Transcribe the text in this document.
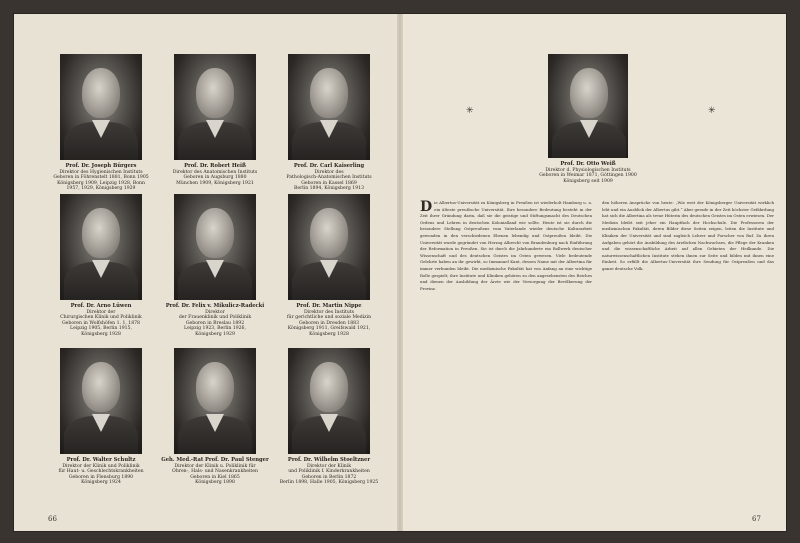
Prof. Dr. Joseph Bürgers
Direktor des Hygienischen Instituts
Geboren in Föhrenstelt 1881, Bonn 1905
Königsberg 1909, Leipzig 1928, Bonn
1957, 1929, Königsberg 1929
Prof. Dr. Robert Heiß
Direktor des Anatomischen Instituts
Geboren in Augsburg 1880
München 1909, Königsberg 1921
Prof. Dr. Carl Kaiserling
Direktor des
Pathologisch-Anatomischen Instituts
Geboren in Kassel 1869
Berlin 1894, Königsberg 1913
Prof. Dr. Arno Lüwen
Direktor der
Chirurgischen Klinik und Poliklinik
Geboren in Wolfshöfen 1. 1, 1878
Leipzig 1905, Berlin 1915,
Königsberg 1928
Prof. Dr. Felix v. Mikulicz-Radecki
Direktor
der Frauenklinik und Poliklinik
Geboren in Breslau 1892
Leipzig 1923, Berlin 1926,
Königsberg 1929
Prof. Dr. Martin Nippe
Direktor des Instituts
für gerichtliche und soziale Medizin
Geboren in Dresden 1883
Königsberg 1911, Greifswald 1921,
Königsberg 1928
Prof. Dr. Walter Schultz
Direktor der Klinik und Poliklinik
für Haut- u. Geschlechtskrankheiten
Geboren in Flensburg 1890
Königsberg 1924
Geh. Med.-Rat Prof. Dr. Paul Stenger
Direktor der Klinik u. Poliklinik für
Ohren-, Hals- und Nasenkrankheiten
Geboren in Kiel 1865
Königsberg 1898
Prof. Dr. Wilhelm Stoeltzner
Direktor der Klinik
und Poliklinik f. Kinderkrankheiten
Geboren in Berlin 1872
Berlin 1898, Halle 1905, Königsberg 1925
66
✳	✳
Prof. Dr. Otto Weiß
Direktor d. Physiologischen Instituts
Geboren in Weimar 1871, Göttingen 1900
Königsberg seit 1909
Die Albertus-Universität zu Königsberg in Preußen ist wiederholt Hamburg u. a. ein älteste preußische Universität. Ihre besondere Bedeutung besteht in der Zeit ihrer Gründung darin, daß sie die geistige und Stiftungsmacht des Deutschen Ordens und Lehren in deutschen Kolonialland wie sollte. Heute ist sie durch die besondere Stellung Ostpreußens vom Vaterlande wieder deutsche Kulturarbeit gewonden in den verschiedenen Ebenen lebendig und Ostpreußen bleibt. Die Universität wurde gegründet von Herzog Albrecht von Brandenburg nach Einführung der Reformation in Preußen. Sie ist durch die Jahrhunderte ein Bollwerk deutscher Wissenschaft und des deutschen Geistes im Osten gewesen. Viele bedeutende Gelehrte haben an ihr gewirkt, so Immanuel Kant, dessen Name mit der Albertina für immer verbunden bleibt. Die medizinische Fakultät hat von Anfang an eine wichtige Rolle gespielt; ihre Institute und Kliniken gehören zu den angesehensten des Reiches und dienen der Ausbildung der Ärzte wie der Versorgung der Bevölkerung der Provinz.
den höheren Ansprüche von heute: „Wie weit der Königsberger Universität wirklich lebt und ein Ausblick der Albertus gibt.“ Aber gerade in der Zeit höchster Gefährdung hat sich die Albertina als treue Hüterin des deutschen Geistes im Osten erwiesen. Der Medizin bleibt seit jeher ein Hauptfach der Hochschule. Die Professoren der medizinischen Fakultät, deren Bilder diese Seiten zeigen, leiten die Institute und Kliniken der Universität und sind zugleich Lehrer und Forscher von Ruf. Zu ihren Aufgaben gehört die Ausbildung des ärztlichen Nachwuchses, die Pflege der Kranken und die wissenschaftliche Arbeit auf allen Gebieten der Heilkunde. Die naturwissenschaftlichen Institute stehen ihnen zur Seite und bilden mit ihnen eine Einheit. So erfüllt die Albertus-Universität ihre Sendung für Ostpreußen und das ganze deutsche Volk.
67
